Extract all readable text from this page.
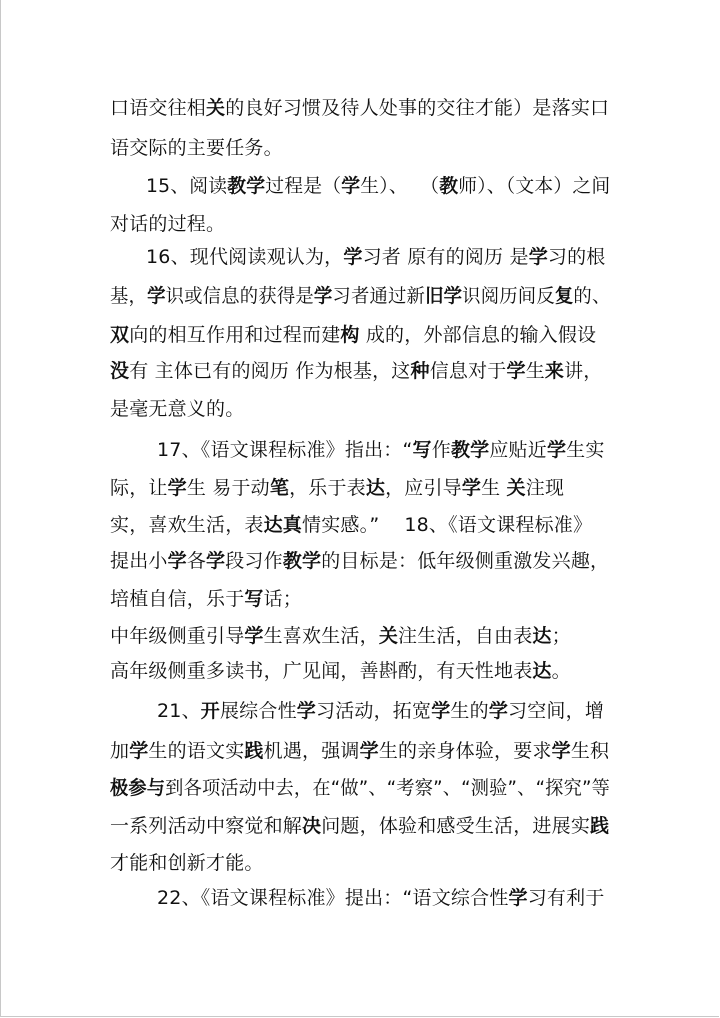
口语交往相关的良好习惯及待人处事的交往才能）是落实口
语交际的主要任务。
15、阅读教学过程是（学生）、  （教师）、（文本）之间
对话的过程。
16、现代阅读观认为，学习者 原有的阅历 是学习的根
基，学识或信息的获得是学习者通过新旧学识阅历间反复的、
双向的相互作用和过程而建构 成的，外部信息的输入假设
没有 主体已有的阅历 作为根基，这种信息对于学生来讲，
是毫无意义的。
17、《语文课程标准》指出：“写作教学应贴近学生实
际，让学生 易于动笔，乐于表达，应引导学生 关注现
实，喜欢生活，表达真情实感。”    18、《语文课程标准》
提出小学各学段习作教学的目标是：低年级侧重激发兴趣，
培植自信，乐于写话；
中年级侧重引导学生喜欢生活，关注生活，自由表达；
高年级侧重多读书，广见闻，善斟酌，有天性地表达。
21、开展综合性学习活动，拓宽学生的学习空间，增
加学生的语文实践机遇，强调学生的亲身体验，要求学生积
极参与到各项活动中去，在“做”、“考察”、“测验”、“探究”等
一系列活动中察觉和解决问题，体验和感受生活，进展实践
才能和创新才能。
22、《语文课程标准》提出：“语文综合性学习有利于
